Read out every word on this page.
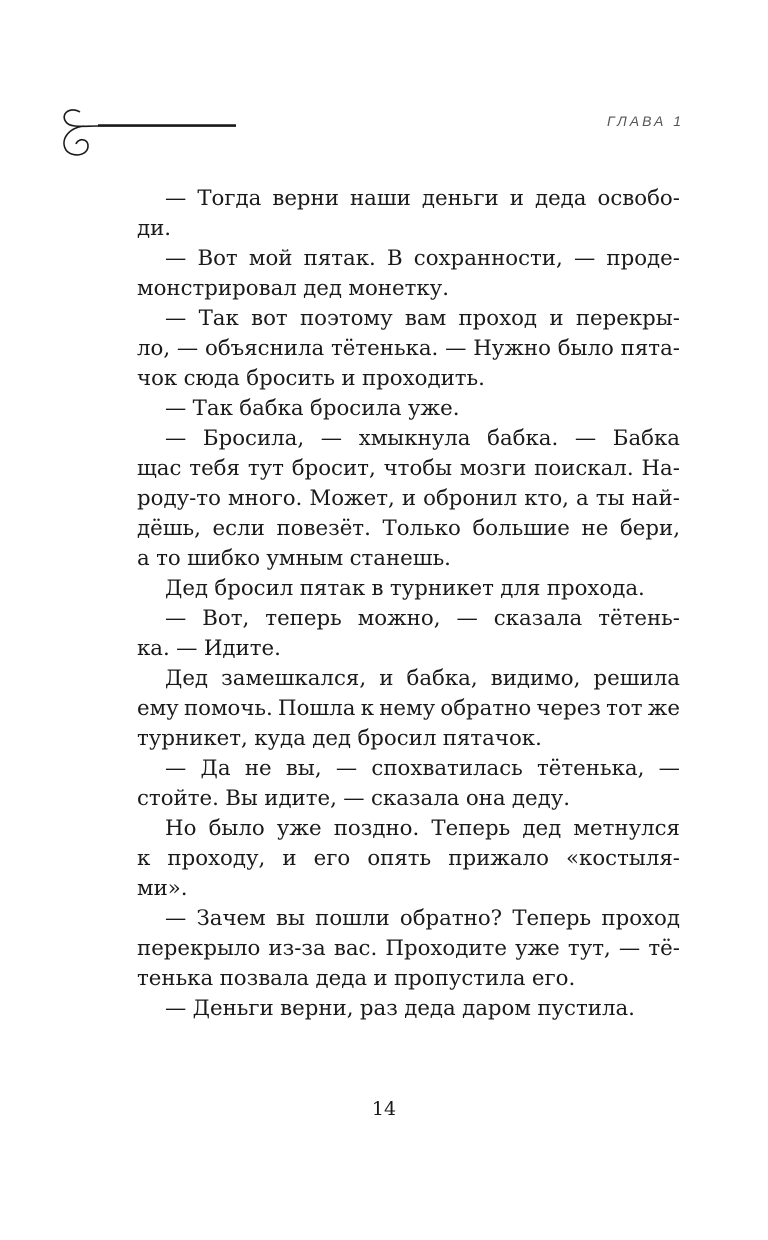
ГЛАВА 1
— Тогда верни наши деньги и деда освобо-
ди.
— Вот мой пятак. В сохранности, — проде-
монстрировал дед монетку.
— Так вот поэтому вам проход и перекры-
ло, — объяснила тётенька. — Нужно было пята-
чок сюда бросить и проходить.
— Так бабка бросила уже.
— Бросила, — хмыкнула бабка. — Бабка
щас тебя тут бросит, чтобы мозги поискал. На-
роду-то много. Может, и обронил кто, а ты най-
дёшь, если повезёт. Только большие не бери,
а то шибко умным станешь.
Дед бросил пятак в турникет для прохода.
— Вот, теперь можно, — сказала тётень-
ка. — Идите.
Дед замешкался, и бабка, видимо, решила
ему помочь. Пошла к нему обратно через тот же
турникет, куда дед бросил пятачок.
— Да не вы, — спохватилась тётенька, —
стойте. Вы идите, — сказала она деду.
Но было уже поздно. Теперь дед метнулся
к проходу, и его опять прижало «костыля-
ми».
— Зачем вы пошли обратно? Теперь проход
перекрыло из-за вас. Проходите уже тут, — тё-
тенька позвала деда и пропустила его.
— Деньги верни, раз деда даром пустила.
14
